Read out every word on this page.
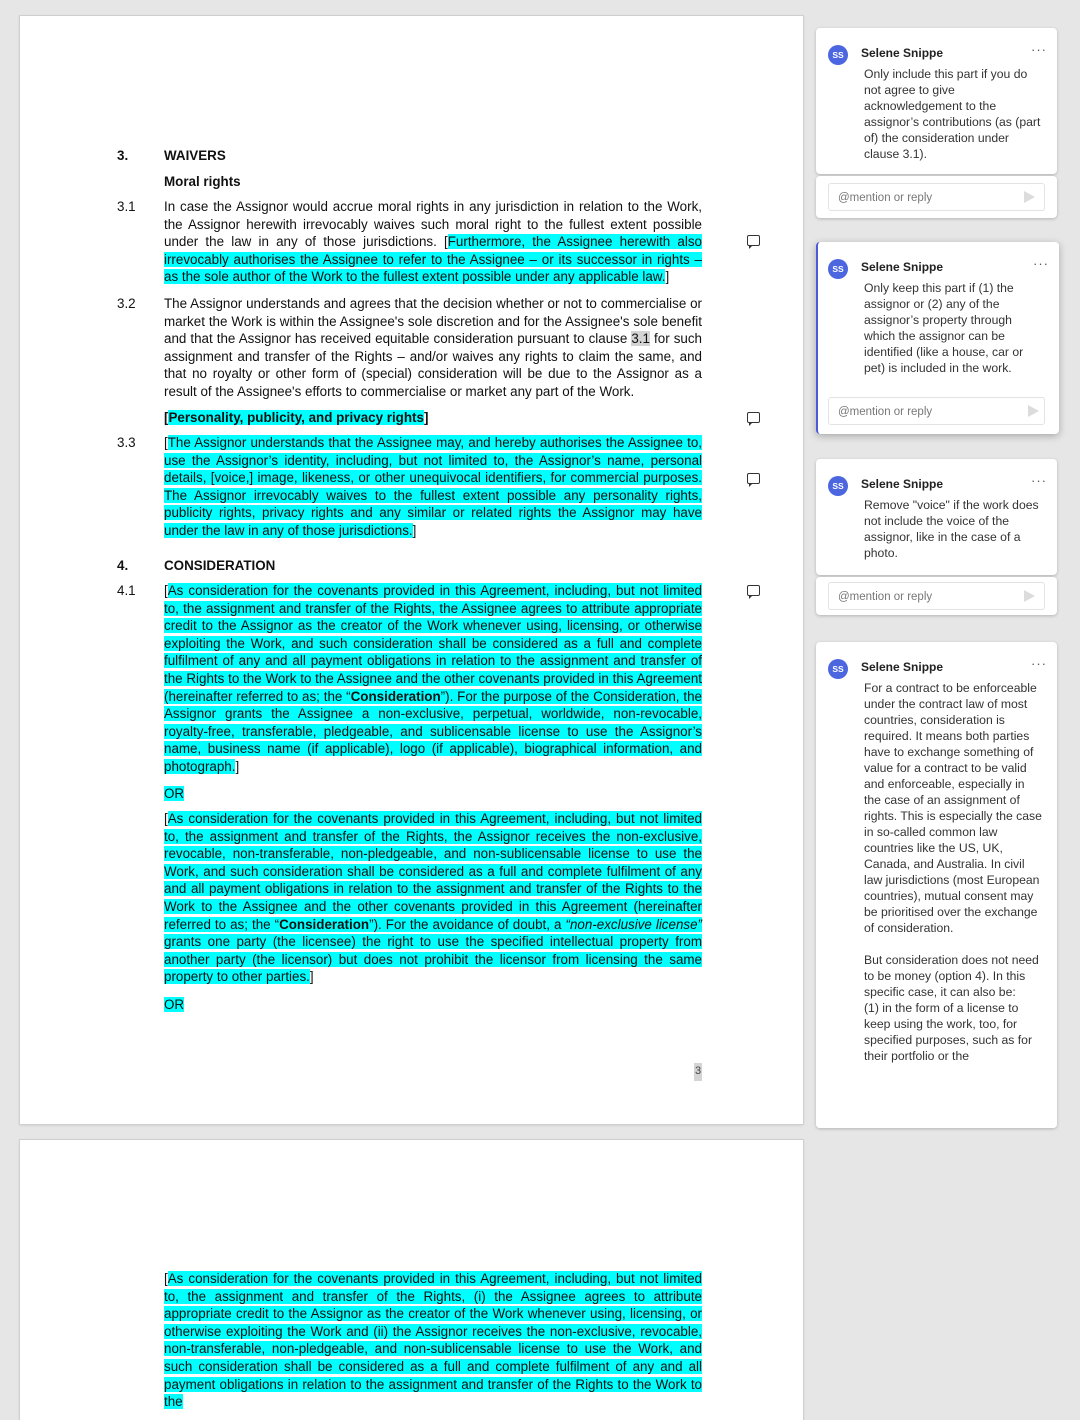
3.	WAIVERS
Moral rights
3.1 In case the Assignor would accrue moral rights in any jurisdiction in relation to the Work, the Assignor herewith irrevocably waives such moral right to the fullest extent possible under the law in any of those jurisdictions. [Furthermore, the Assignee herewith also irrevocably authorises the Assignee to refer to the Assignee – or its successor in rights – as the sole author of the Work to the fullest extent possible under any applicable law.]
3.2 The Assignor understands and agrees that the decision whether or not to commercialise or market the Work is within the Assignee's sole discretion and for the Assignee's sole benefit and that the Assignor has received equitable consideration pursuant to clause 3.1 for such assignment and transfer of the Rights – and/or waives any rights to claim the same, and that no royalty or other form of (special) consideration will be due to the Assignor as a result of the Assignee's efforts to commercialise or market any part of the Work.
[Personality, publicity, and privacy rights]
3.3 [The Assignor understands that the Assignee may, and hereby authorises the Assignee to, use the Assignor’s identity, including, but not limited to, the Assignor’s name, personal details, [voice,] image, likeness, or other unequivocal identifiers, for commercial purposes. The Assignor irrevocably waives to the fullest extent possible any personality rights, publicity rights, privacy rights and any similar or related rights the Assignor may have under the law in any of those jurisdictions.]
4.	CONSIDERATION
4.1 [As consideration for the covenants provided in this Agreement, including, but not limited to, the assignment and transfer of the Rights, the Assignee agrees to attribute appropriate credit to the Assignor as the creator of the Work whenever using, licensing, or otherwise exploiting the Work, and such consideration shall be considered as a full and complete fulfilment of any and all payment obligations in relation to the assignment and transfer of the Rights to the Work to the Assignee and the other covenants provided in this Agreement (hereinafter referred to as; the “Consideration”). For the purpose of the Consideration, the Assignor grants the Assignee a non-exclusive, perpetual, worldwide, non-revocable, royalty-free, transferable, pledgeable, and sublicensable license to use the Assignor’s name, business name (if applicable), logo (if applicable), biographical information, and photograph.]
OR
[As consideration for the covenants provided in this Agreement, including, but not limited to, the assignment and transfer of the Rights, the Assignor receives the non-exclusive, revocable, non-transferable, non-pledgeable, and non-sublicensable license to use the Work, and such consideration shall be considered as a full and complete fulfilment of any and all payment obligations in relation to the assignment and transfer of the Rights to the Work to the Assignee and the other covenants provided in this Agreement (hereinafter referred to as; the “Consideration”). For the avoidance of doubt, a “non-exclusive license” grants one party (the licensee) the right to use the specified intellectual property from another party (the licensor) but does not prohibit the licensor from licensing the same property to other parties.]
OR
3
[As consideration for the covenants provided in this Agreement, including, but not limited to, the assignment and transfer of the Rights, (i) the Assignee agrees to attribute appropriate credit to the Assignor as the creator of the Work whenever using, licensing, or otherwise exploiting the Work and (ii) the Assignor receives the non-exclusive, revocable, non-transferable, non-pledgeable, and non-sublicensable license to use the Work, and such consideration shall be considered as a full and complete fulfilment of any and all payment obligations in relation to the assignment and transfer of the Rights to the Work to the
SS	Selene Snippe	···
Only include this part if you do not agree to give acknowledgement to the assignor’s contributions (as (part of) the consideration under clause 3.1).
@mention or reply
SS	Selene Snippe	···
Only keep this part if (1) the assignor or (2) any of the assignor’s property through which the assignor can be identified (like a house, car or pet) is included in the work.
@mention or reply
SS	Selene Snippe	···
Remove "voice" if the work does not include the voice of the assignor, like in the case of a photo.
@mention or reply
SS	Selene Snippe	···
For a contract to be enforceable under the contract law of most countries, consideration is required. It means both parties have to exchange something of value for a contract to be valid and enforceable, especially in the case of an assignment of rights. This is especially the case in so-called common law countries like the US, UK, Canada, and Australia. In civil law jurisdictions (most European countries), mutual consent may be prioritised over the exchange of consideration.
But consideration does not need to be money (option 4). In this specific case, it can also be:
(1) in the form of a license to keep using the work, too, for specified purposes, such as for their portfolio or the
